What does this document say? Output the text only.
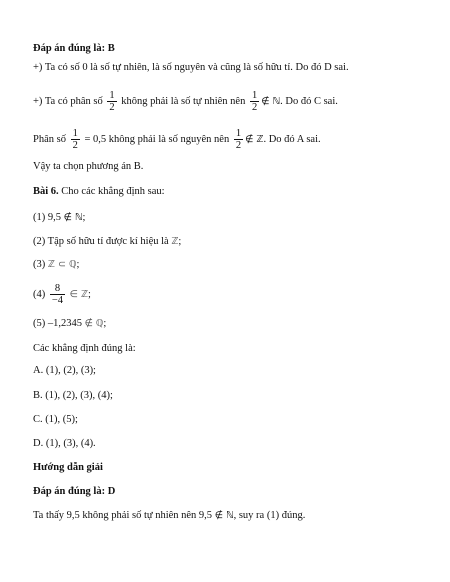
Đáp án đúng là: B
+) Ta có số 0 là số tự nhiên, là số nguyên và cũng là số hữu tỉ. Do đó D sai.
+) Ta có phân số $\frac{1}{2}$ không phải là số tự nhiên nên $\frac{1}{2}$ ∉ ℕ. Do đó C sai.
Phân số $\frac{1}{2} = 0,5$ không phải là số nguyên nên $\frac{1}{2}$ ∉ ℤ. Do đó A sai.
Vậy ta chọn phương án B.
Bài 6. Cho các khẳng định sau:
(1) 9,5 ∉ ℕ;
(2) Tập số hữu tỉ được kí hiệu là ℤ;
(3) ℤ ⊂ ℚ;
$(4) \frac{8}{-4}$ ∈ ℤ;
(5) –1,2345 ∉ ℚ;
Các khẳng định đúng là:
A. (1), (2), (3);
B. (1), (2), (3), (4);
C. (1), (5);
D. (1), (3), (4).
Hướng dẫn giải
Đáp án đúng là: D
Ta thấy 9,5 không phải số tự nhiên nên 9,5 ∉ ℕ, suy ra (1) đúng.
